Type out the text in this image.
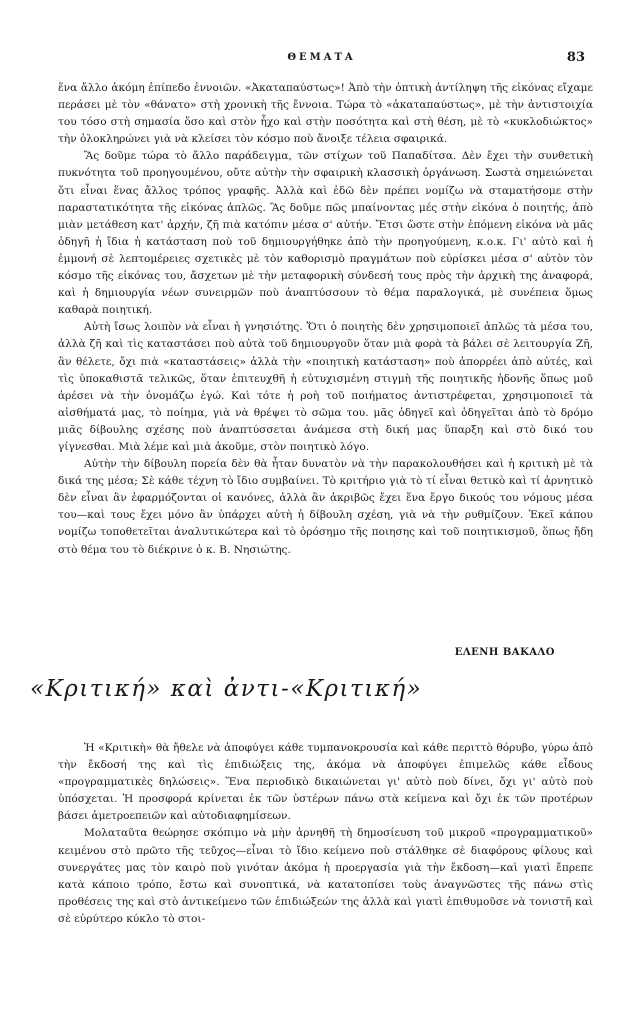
ΘΕΜΑΤΑ	83

ἕνα ἄλλο ἀκόμη ἐπίπεδο ἐννοιῶν. «Ἀκαταπαύστως»! Ἀπὸ τὴν ὀπτικὴ ἀντίληψη τῆς εἰκόνας εἴχαμε περάσει μὲ τὸν «θάνατο» στὴ χρονικὴ τῆς ἔννοια. Τώρα τὸ «ἀκαταπαύστως», μὲ τὴν ἀντιστοιχία του τόσο στὴ σημασία ὅσο καὶ στὸν ἦχο καὶ στὴν ποσότητα καὶ στὴ θέση, μὲ τὸ «κυκλοδιώκτος» τὴν ὁλοκληρώνει γιὰ νὰ κλείσει τὸν κόσμο ποὺ ἄνοιξε τέλεια σφαιρικά.

Ἂς δοῦμε τώρα τὸ ἄλλο παράδειγμα, τῶν στίχων τοῦ Παπαδίτσα. Δὲν ἔχει τὴν συνθετικὴ πυκνότητα τοῦ προηγουμένου, οὔτε αὐτὴν τὴν σφαιρικὴ κλασσικὴ ὀργάνωση. Σωστὰ σημειώνεται ὅτι εἶναι ἕνας ἄλλος τρόπος γραφῆς. Ἀλλὰ καὶ ἐδῶ δὲν πρέπει νομίζω νὰ σταματήσομε στὴν παραστατικότητα τῆς εἰκόνας ἁπλῶς. Ἂς δοῦμε πῶς μπαίνοντας μές στὴν εἰκόνα ὁ ποιητής, ἀπὸ μιὰν μετάθεση κατ' ἀρχήν, ζῆ πιὰ κατόπιν μέσα σ' αὐτήν. Ἔτσι ὥστε στὴν ἑπόμενη εἰκόνα νὰ μᾶς ὁδηγῆ ἡ ἴδια ἡ κατάσταση ποὺ τοῦ δημιουργήθηκε ἀπὸ τὴν προηγούμενη, κ.ο.κ. Γι' αὐτὸ καὶ ἡ ἐμμονή σὲ λεπτομέρειες σχετικὲς μὲ τὸν καθορισμὸ πραγμάτων ποὺ εὑρίσκει μέσα σ' αὐτὸν τὸν κόσμο τῆς εἰκόνας του, ἄσχετων μὲ τὴν μεταφορικὴ σύνδεσή τους πρὸς τὴν ἀρχικὴ της ἀναφορά, καὶ ἡ δημιουργία νέων συνειρμῶν ποὺ ἀναπτύσσουν τὸ θέμα παραλογικά, μὲ συνέπεια ὅμως καθαρὰ ποιητική.

Αὐτὴ ἴσως λοιπὸν νὰ εἶναι ἡ γνησιότης. Ὅτι ὁ ποιητὴς δὲν χρησιμοποιεῖ ἁπλῶς τὰ μέσα του, ἀλλὰ ζῆ καὶ τὶς καταστάσει ποὺ αὐτὰ τοῦ δημιουργοῦν ὅταν μιὰ φορὰ τὰ βάλει σὲ λειτουργία Ζῆ, ἂν θέλετε, ὄχι πιὰ «καταστάσεις» ἀλλὰ τὴν «ποιητικὴ κατάσταση» ποὺ ἀπορρέει ἀπὸ αὐτές, καὶ τὶς ὑποκαθιστᾶ τελικῶς, ὅταν ἐπιτευχθῆ ἡ εὐτυχισμένη στιγμὴ τῆς ποιητικῆς ἡδονῆς ὅπως μοῦ ἀρέσει νὰ τὴν ὀνομάζω ἐγώ. Καὶ τότε ἡ ροὴ τοῦ ποιήματος ἀντιστρέφεται, χρησιμοποιεῖ τὰ αἰσθήματά μας, τὸ ποίημα, γιὰ νὰ θρέψει τὸ σῶμα του. μᾶς ὁδηγεῖ καὶ ὁδηγεῖται ἀπὸ τὸ δρόμο μιᾶς δίβουλης σχέσης ποὺ ἀναπτύσσεται ἀνάμεσα στὴ δική μας ὕπαρξη καὶ στὸ δικό του γίγνεσθαι. Μιὰ λέμε καὶ μιὰ ἀκοῦμε, στὸν ποιητικὸ λόγο.

Αὐτὴν τὴν δίβουλη πορεία δὲν θὰ ἦταν δυνατὸν νὰ τὴν παρακολουθήσει καὶ ἡ κριτικὴ μὲ τὰ δικά της μέσα; Σὲ κάθε τέχνη τὸ ἴδιο συμβαίνει. Τὸ κριτήριο γιὰ τὸ τί εἶναι θετικὸ καὶ τί ἀρνητικὸ δὲν εἶναι ἂν ἐφαρμόζονται οἱ κανόνες, ἀλλὰ ἂν ἀκριβῶς ἔχει ἕνα ἔργο δικούς του νόμους μέσα του—καὶ τους ἔχει μόνο ἂν ὑπάρχει αὐτὴ ἡ δίβουλη σχέση, γιὰ νὰ τὴν ρυθμίζουν. Ἐκεῖ κάπου νομίζω τοποθετεῖται ἀναλυτικώτερα καὶ τὸ ὁρόσημο τῆς ποιησης καὶ τοῦ ποιητικισμοῦ, ὅπως ἤδη στὸ θέμα του τὸ διέκρινε ὁ κ. Β. Νησιώτης.

ΕΛΕΝΗ ΒΑΚΑΛΟ
«Κριτική» καὶ ἀντι-«Κριτική»

Ἡ «Κριτικὴ» θὰ ἤθελε νὰ ἀποφύγει κάθε τυμπανοκρουσία καὶ κάθε περιττὸ θόρυβο, γύρω ἀπὸ τὴν ἔκδοσή της καὶ τὶς ἐπιδιώξεις της, ἀκόμα νὰ ἀποφύγει ἐπιμελῶς κάθε εἶδους «προγραμματικὲς δηλώσεις». Ἕνα περιοδικὸ δικαιώνεται γι' αὐτὸ ποὺ δίνει, ὄχι γι' αὐτὸ ποὺ ὑπόσχεται. Ἡ προσφορά κρίνεται ἐκ τῶν ὑστέρων πάνω στὰ κείμενα καὶ ὄχι ἐκ τῶν προτέρων βάσει ἀμετροεπειῶν καὶ αὐτοδιαφημίσεων.

Μολαταῦτα θεώρησε σκόπιμο νὰ μὴν ἀρνηθῆ τὴ δημοσίευση τοῦ μικροῦ «προγραμματικοῦ» κειμένου στὸ πρῶτο τῆς τεῦχος—εἶναι τὸ ἴδιο κείμενο ποὺ στάλθηκε σὲ διαφόρους φίλους καὶ συνεργάτες μας τὸν καιρὸ ποὺ γινόταν ἀκόμα ἡ προεργασία γιὰ τὴν ἔκδοση—καὶ γιατὶ ἔπρεπε κατὰ κάποιο τρόπο, ἔστω καὶ συνοπτικά, νὰ κατατοπίσει τοὺς ἀναγνῶστες τῆς πάνω στὶς προθέσεις της καὶ στὸ ἀντικείμενο τῶν ἐπιδιώξεών της ἀλλὰ καὶ γιατὶ ἐπιθυμοῦσε νὰ τονιστῆ καὶ σὲ εὐρύτερο κύκλο τὸ στοι-
